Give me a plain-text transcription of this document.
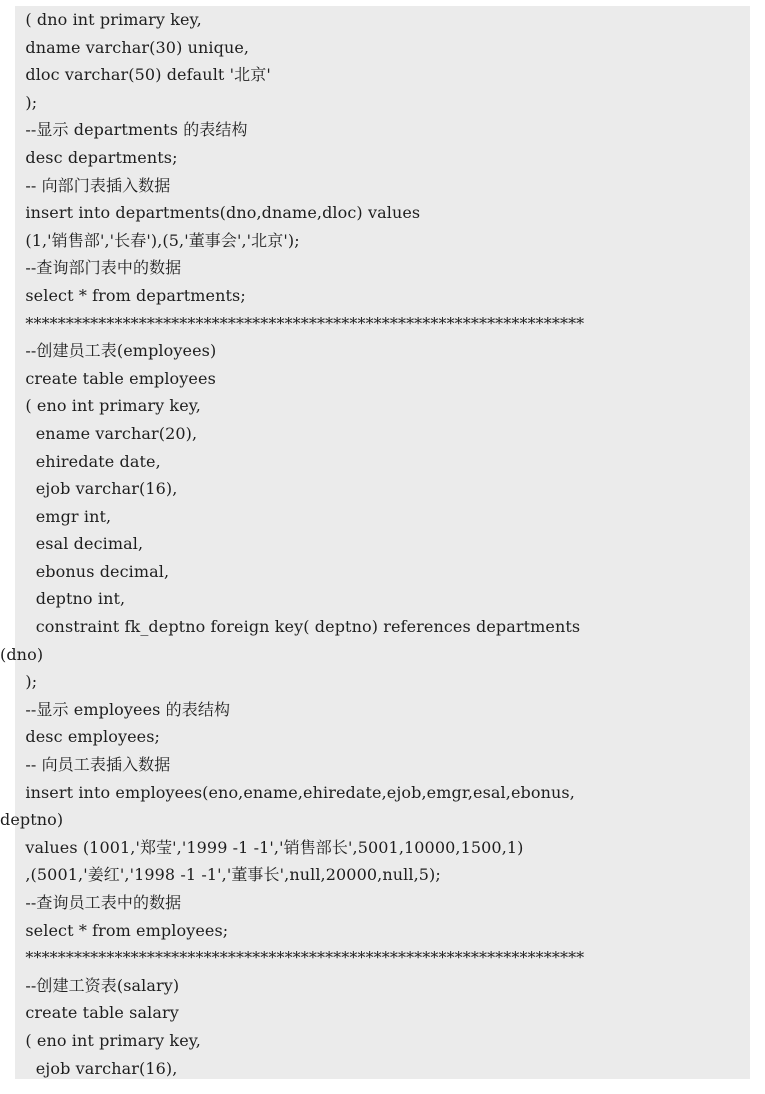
( dno int primary key,
dname varchar(30) unique,
dloc varchar(50) default '北京'
);
--显示 departments 的表结构
desc departments;
-- 向部门表插入数据
insert into departments(dno,dname,dloc) values
(1,'销售部','长春'),(5,'董事会','北京');
--查询部门表中的数据
select * from departments;
*********************************************************************
--创建员工表(employees)
create table employees
( eno int primary key,
ename varchar(20),
ehiredate date,
ejob varchar(16),
emgr int,
esal decimal,
ebonus decimal,
deptno int,
constraint fk_deptno foreign key( deptno) references departments
(dno)
);
--显示 employees 的表结构
desc employees;
-- 向员工表插入数据
insert into employees(eno,ename,ehiredate,ejob,emgr,esal,ebonus,
deptno)
values (1001,'郑莹','1999 -1 -1','销售部长',5001,10000,1500,1)
,(5001,'姜红','1998 -1 -1','董事长',null,20000,null,5);
--查询员工表中的数据
select * from employees;
*********************************************************************
--创建工资表(salary)
create table salary
( eno int primary key,
ejob varchar(16),
